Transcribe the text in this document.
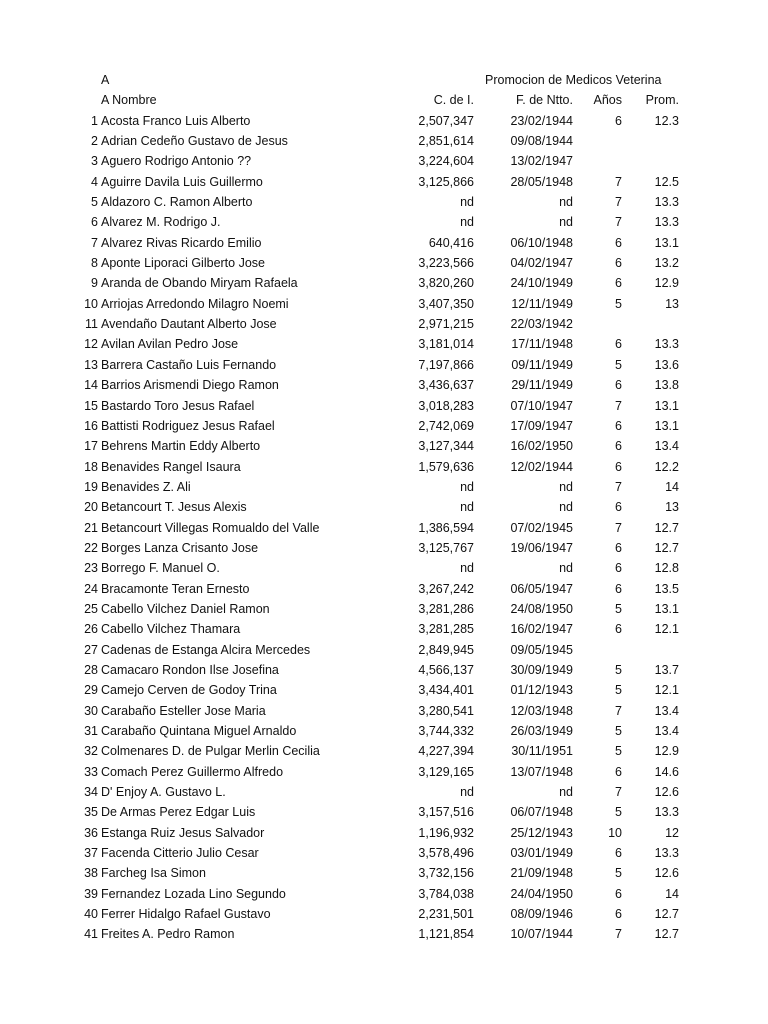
A	Promocion de Medicos Veterina
A Nombre	C. de I.	F. de Ntto.	Años	Prom.
1 Acosta Franco Luis Alberto	2,507,347	23/02/1944	6	12.3
2 Adrian Cedeño Gustavo de Jesus	2,851,614	09/08/1944
3 Aguero Rodrigo Antonio ??	3,224,604	13/02/1947
4 Aguirre Davila Luis Guillermo	3,125,866	28/05/1948	7	12.5
5 Aldazoro C. Ramon Alberto	nd	nd	7	13.3
6 Alvarez M. Rodrigo J.	nd	nd	7	13.3
7 Alvarez Rivas Ricardo Emilio	640,416	06/10/1948	6	13.1
8 Aponte Liporaci Gilberto Jose	3,223,566	04/02/1947	6	13.2
9 Aranda de Obando Miryam Rafaela	3,820,260	24/10/1949	6	12.9
10 Arriojas Arredondo Milagro Noemi	3,407,350	12/11/1949	5	13
11 Avendaño Dautant Alberto Jose	2,971,215	22/03/1942
12 Avilan Avilan Pedro Jose	3,181,014	17/11/1948	6	13.3
13 Barrera Castaño Luis Fernando	7,197,866	09/11/1949	5	13.6
14 Barrios Arismendi Diego Ramon	3,436,637	29/11/1949	6	13.8
15 Bastardo Toro Jesus Rafael	3,018,283	07/10/1947	7	13.1
16 Battisti Rodriguez Jesus Rafael	2,742,069	17/09/1947	6	13.1
17 Behrens Martin Eddy Alberto	3,127,344	16/02/1950	6	13.4
18 Benavides Rangel Isaura	1,579,636	12/02/1944	6	12.2
19 Benavides Z. Ali	nd	nd	7	14
20 Betancourt T. Jesus Alexis	nd	nd	6	13
21 Betancourt Villegas Romualdo del Valle	1,386,594	07/02/1945	7	12.7
22 Borges Lanza Crisanto Jose	3,125,767	19/06/1947	6	12.7
23 Borrego F. Manuel O.	nd	nd	6	12.8
24 Bracamonte Teran Ernesto	3,267,242	06/05/1947	6	13.5
25 Cabello Vilchez Daniel Ramon	3,281,286	24/08/1950	5	13.1
26 Cabello Vilchez Thamara	3,281,285	16/02/1947	6	12.1
27 Cadenas de Estanga Alcira Mercedes	2,849,945	09/05/1945
28 Camacaro Rondon Ilse Josefina	4,566,137	30/09/1949	5	13.7
29 Camejo Cerven de Godoy Trina	3,434,401	01/12/1943	5	12.1
30 Carabaño Esteller Jose Maria	3,280,541	12/03/1948	7	13.4
31 Carabaño Quintana Miguel Arnaldo	3,744,332	26/03/1949	5	13.4
32 Colmenares D. de Pulgar Merlin Cecilia	4,227,394	30/11/1951	5	12.9
33 Comach Perez Guillermo Alfredo	3,129,165	13/07/1948	6	14.6
34 D' Enjoy A. Gustavo L.	nd	nd	7	12.6
35 De Armas Perez Edgar Luis	3,157,516	06/07/1948	5	13.3
36 Estanga Ruiz Jesus Salvador	1,196,932	25/12/1943	10	12
37 Facenda Citterio Julio Cesar	3,578,496	03/01/1949	6	13.3
38 Farcheg Isa Simon	3,732,156	21/09/1948	5	12.6
39 Fernandez Lozada Lino Segundo	3,784,038	24/04/1950	6	14
40 Ferrer Hidalgo Rafael Gustavo	2,231,501	08/09/1946	6	12.7
41 Freites A. Pedro Ramon	1,121,854	10/07/1944	7	12.7
